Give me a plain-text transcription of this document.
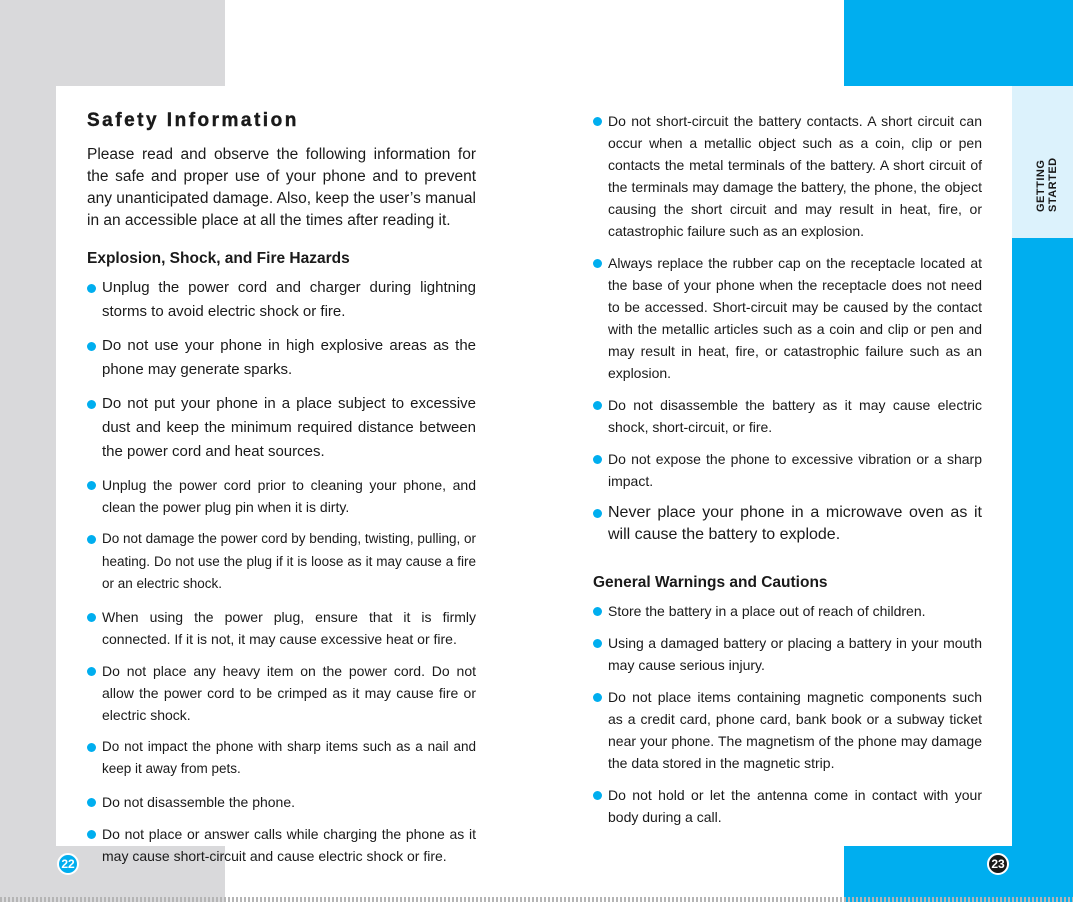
GETTING STARTED
Safety Information

Please read and observe the following information for the safe and proper use of your phone and to prevent any unanticipated damage. Also, keep the user’s manual in an accessible place at all the times after reading it.

Explosion, Shock, and Fire Hazards
Unplug the power cord and charger during lightning storms to avoid electric shock or fire.
Do not use your phone in high explosive areas as the phone may generate sparks.
Do not put your phone in a place subject to excessive dust and keep the minimum required distance between the power cord and heat sources.
Unplug the power cord prior to cleaning your phone, and clean the power plug pin when it is dirty.
Do not damage the power cord by bending, twisting, pulling, or heating. Do not use the plug if it is loose as it may cause a fire or an electric shock.
When using the power plug, ensure that it is firmly connected. If it is not, it may cause excessive heat or fire.
Do not place any heavy item on the power cord. Do not allow the power cord to be crimped as it may cause fire or electric shock.
Do not impact the phone with sharp items such as a nail and keep it away from pets.
Do not disassemble the phone.
Do not place or answer calls while charging the phone as it may cause short-circuit and cause electric shock or fire.
Do not short-circuit the battery contacts. A short circuit can occur when a metallic object such as a coin, clip or pen contacts the metal terminals of the battery. A short circuit of the terminals may damage the battery, the phone, the object causing the short circuit and may result in heat, fire, or catastrophic failure such as an explosion.
Always replace the rubber cap on the receptacle located at the base of your phone when the receptacle does not need to be accessed. Short-circuit may be caused by the contact with the metallic articles such as a coin and clip or pen and may result in heat, fire, or catastrophic failure such as an explosion.
Do not disassemble the battery as it may cause electric shock, short-circuit, or fire.
Do not expose the phone to excessive vibration or a sharp impact.
Never place your phone in a microwave oven as it will cause the battery to explode.
General Warnings and Cautions
Store the battery in a place out of reach of children.
Using a damaged battery or placing a battery in your mouth may cause serious injury.
Do not place items containing magnetic components such as a credit card, phone card, bank book or a subway ticket near your phone. The magnetism of the phone may damage the data stored in the magnetic strip.
Do not hold or let the antenna come in contact with your body during a call.
22	23
